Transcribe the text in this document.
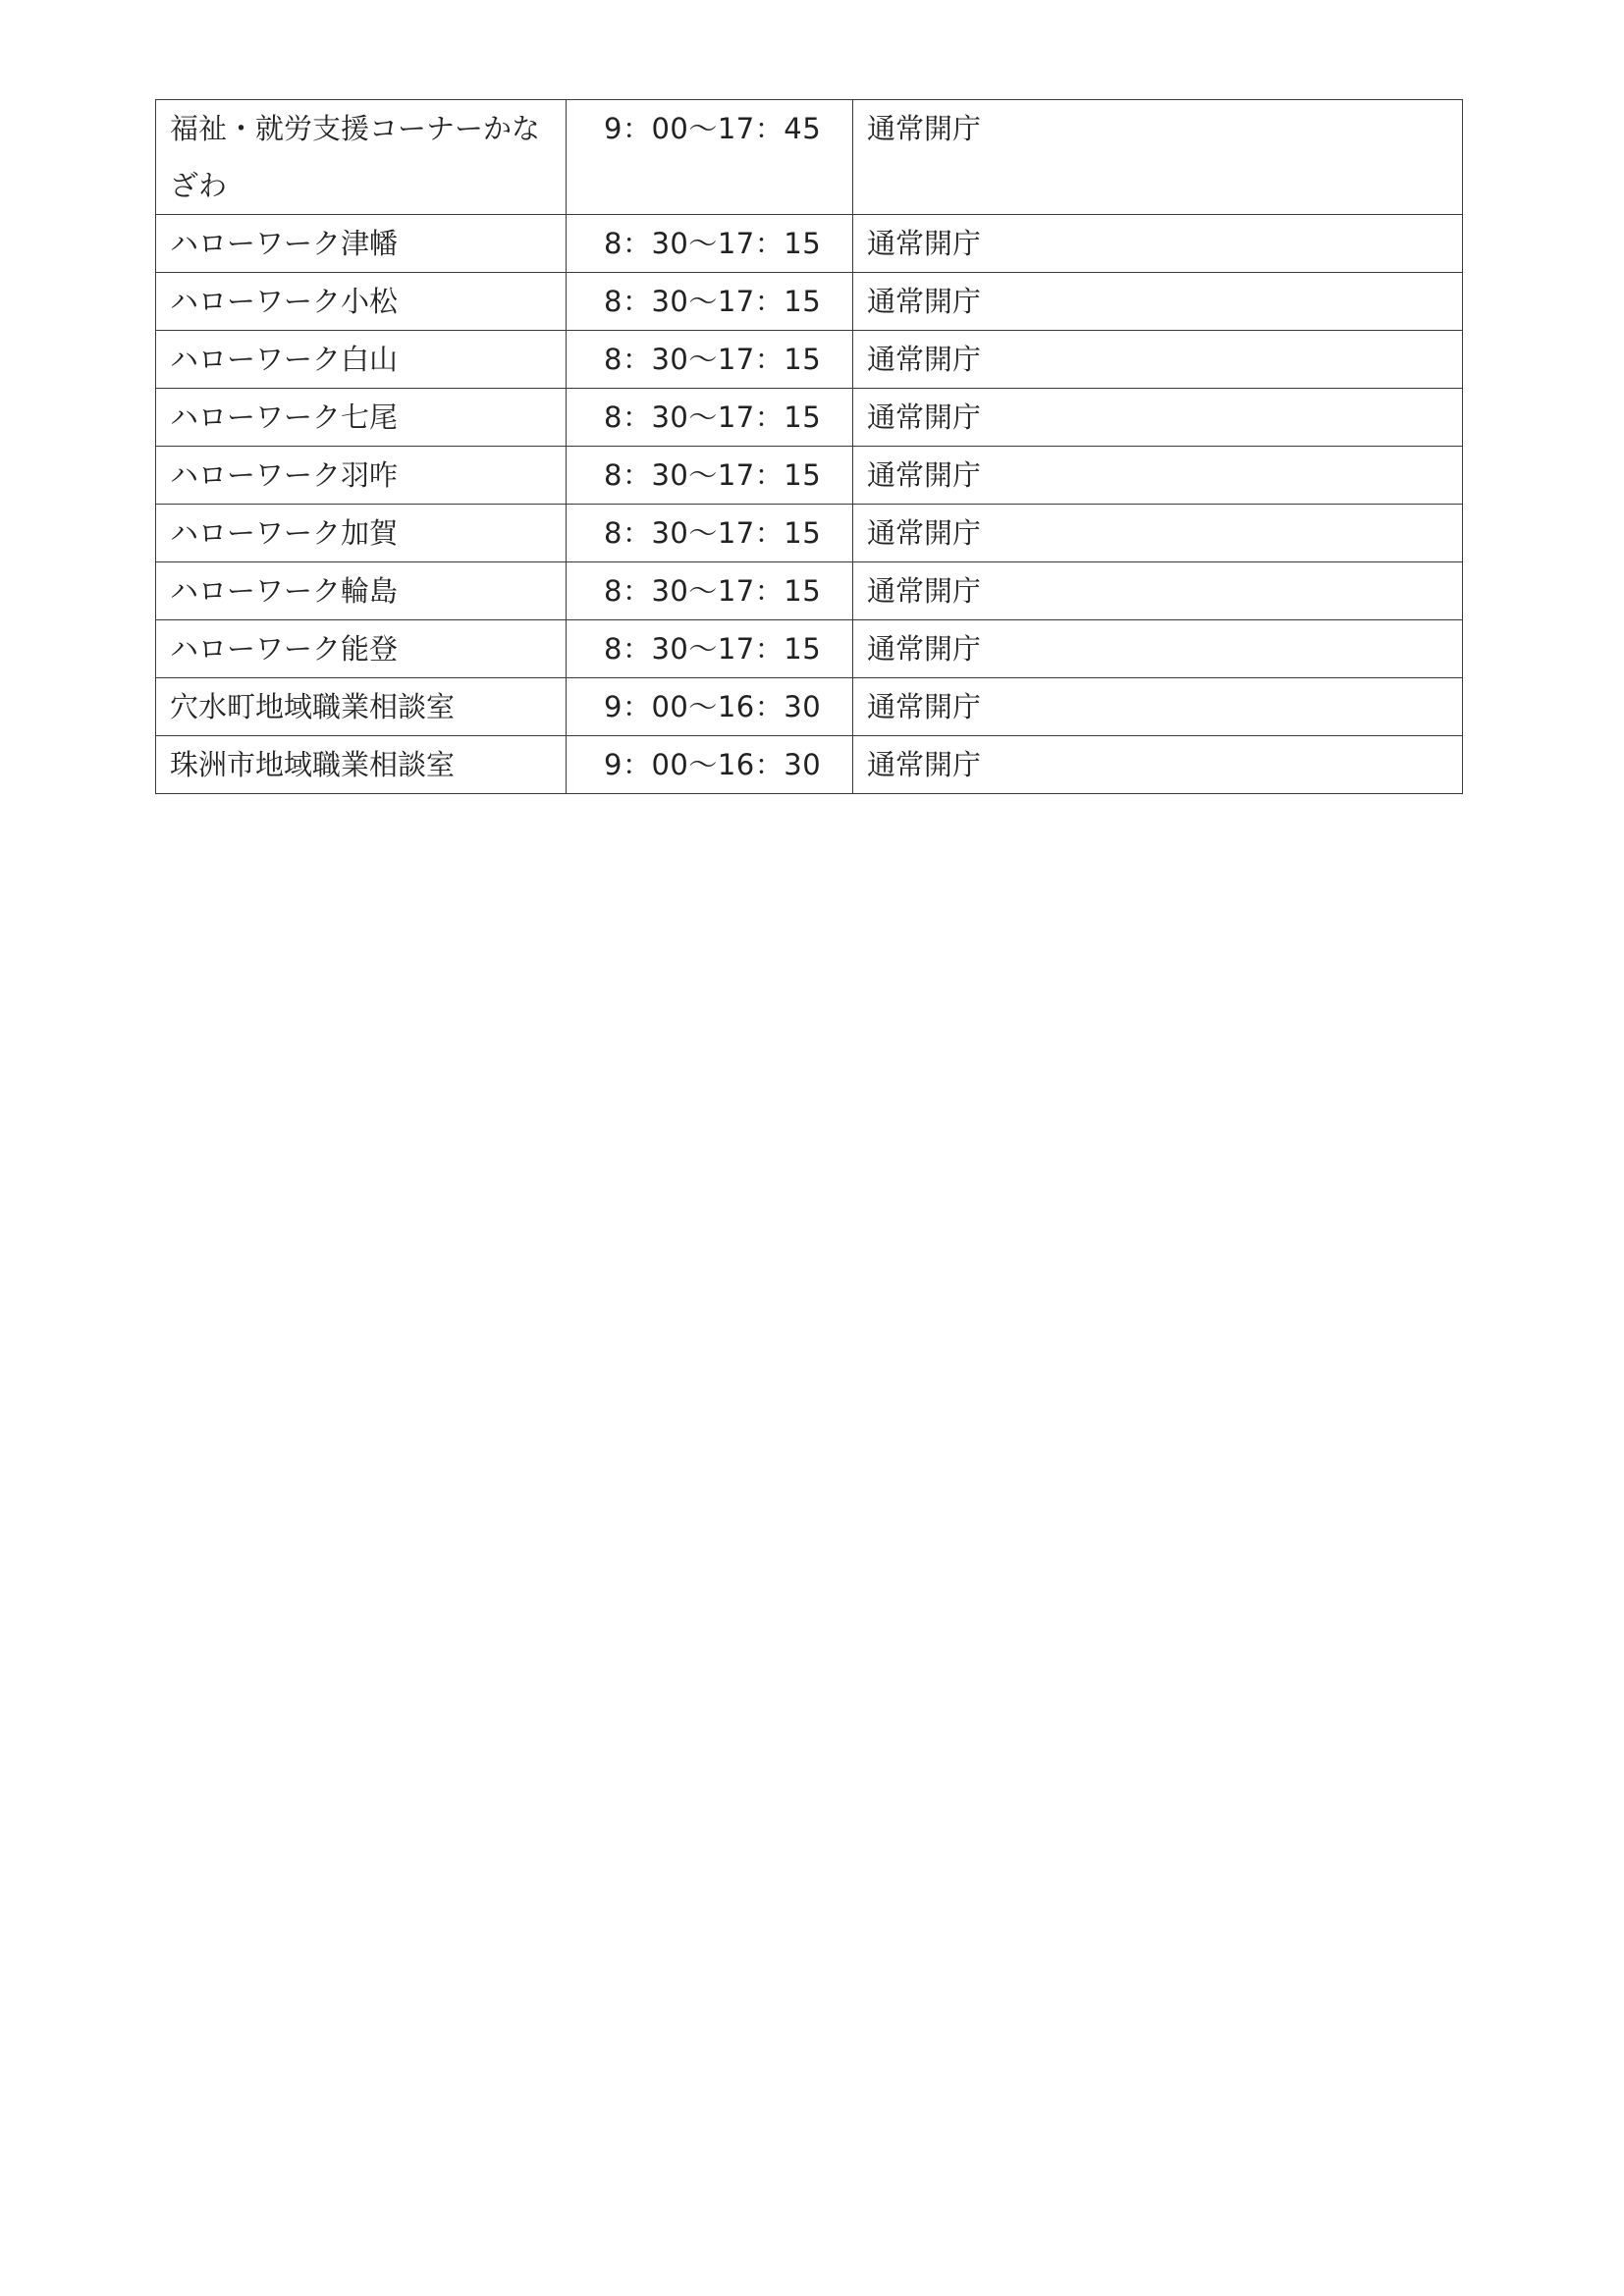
福祉・就労支援コーナーかなざわ	9：00～17：45	通常開庁
ハローワーク津幡	8：30～17：15	通常開庁
ハローワーク小松	8：30～17：15	通常開庁
ハローワーク白山	8：30～17：15	通常開庁
ハローワーク七尾	8：30～17：15	通常開庁
ハローワーク羽咋	8：30～17：15	通常開庁
ハローワーク加賀	8：30～17：15	通常開庁
ハローワーク輪島	8：30～17：15	通常開庁
ハローワーク能登	8：30～17：15	通常開庁
穴水町地域職業相談室	9：00～16：30	通常開庁
珠洲市地域職業相談室	9：00～16：30	通常開庁
